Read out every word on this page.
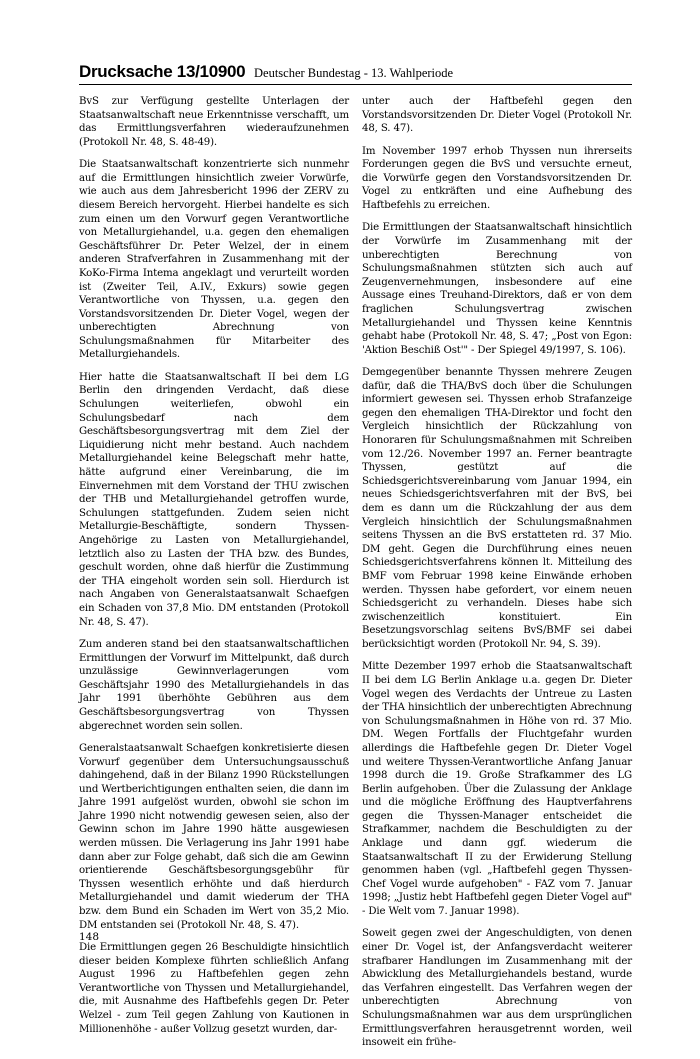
Drucksache 13/10900 Deutscher Bundestag - 13. Wahlperiode

BvS zur Verfügung gestellte Unterlagen der Staatsanwaltschaft neue Erkenntnisse verschafft, um das Ermittlungsverfahren wiederaufzunehmen (Protokoll Nr. 48, S. 48-49).

Die Staatsanwaltschaft konzentrierte sich nunmehr auf die Ermittlungen hinsichtlich zweier Vorwürfe, wie auch aus dem Jahresbericht 1996 der ZERV zu diesem Bereich hervorgeht. Hierbei handelte es sich zum einen um den Vorwurf gegen Verantwortliche von Metallurgiehandel, u.a. gegen den ehemaligen Geschäftsführer Dr. Peter Welzel, der in einem anderen Strafverfahren in Zusammenhang mit der KoKo-Firma Intema angeklagt und verurteilt worden ist (Zweiter Teil, A.IV., Exkurs) sowie gegen Verantwortliche von Thyssen, u.a. gegen den Vorstandsvorsitzenden Dr. Dieter Vogel, wegen der unberechtigten Abrechnung von Schulungsmaßnahmen für Mitarbeiter des Metallurgiehandels.

Hier hatte die Staatsanwaltschaft II bei dem LG Berlin den dringenden Verdacht, daß diese Schulungen weiterliefen, obwohl ein Schulungsbedarf nach dem Geschäftsbesorgungsvertrag mit dem Ziel der Liquidierung nicht mehr bestand. Auch nachdem Metallurgiehandel keine Belegschaft mehr hatte, hätte aufgrund einer Vereinbarung, die im Einvernehmen mit dem Vorstand der THU zwischen der THB und Metallurgiehandel getroffen wurde, Schulungen stattgefunden. Zudem seien nicht Metallurgie-Beschäftigte, sondern Thyssen-Angehörige zu Lasten von Metallurgiehandel, letztlich also zu Lasten der THA bzw. des Bundes, geschult worden, ohne daß hierfür die Zustimmung der THA eingeholt worden sein soll. Hierdurch ist nach Angaben von Generalstaatsanwalt Schaefgen ein Schaden von 37,8 Mio. DM entstanden (Protokoll Nr. 48, S. 47).

Zum anderen stand bei den staatsanwaltschaftlichen Ermittlungen der Vorwurf im Mittelpunkt, daß durch unzulässige Gewinnverlagerungen vom Geschäftsjahr 1990 des Metallurgiehandels in das Jahr 1991 überhöhte Gebühren aus dem Geschäftsbesorgungsvertrag von Thyssen abgerechnet worden sein sollen.

Generalstaatsanwalt Schaefgen konkretisierte diesen Vorwurf gegenüber dem Untersuchungsausschuß dahingehend, daß in der Bilanz 1990 Rückstellungen und Wertberichtigungen enthalten seien, die dann im Jahre 1991 aufgelöst wurden, obwohl sie schon im Jahre 1990 nicht notwendig gewesen seien, also der Gewinn schon im Jahre 1990 hätte ausgewiesen werden müssen. Die Verlagerung ins Jahr 1991 habe dann aber zur Folge gehabt, daß sich die am Gewinn orientierende Geschäftsbesorgungsgebühr für Thyssen wesentlich erhöhte und daß hierdurch Metallurgiehandel und damit wiederum der THA bzw. dem Bund ein Schaden im Wert von 35,2 Mio. DM entstanden sei (Protokoll Nr. 48, S. 47).

Die Ermittlungen gegen 26 Beschuldigte hinsichtlich dieser beiden Komplexe führten schließlich Anfang August 1996 zu Haftbefehlen gegen zehn Verantwortliche von Thyssen und Metallurgiehandel, die, mit Ausnahme des Haftbefehls gegen Dr. Peter Welzel - zum Teil gegen Zahlung von Kautionen in Millionenhöhe - außer Vollzug gesetzt wurden, dar-

unter auch der Haftbefehl gegen den Vorstandsvorsitzenden Dr. Dieter Vogel (Protokoll Nr. 48, S. 47).

Im November 1997 erhob Thyssen nun ihrerseits Forderungen gegen die BvS und versuchte erneut, die Vorwürfe gegen den Vorstandsvorsitzenden Dr. Vogel zu entkräften und eine Aufhebung des Haftbefehls zu erreichen.

Die Ermittlungen der Staatsanwaltschaft hinsichtlich der Vorwürfe im Zusammenhang mit der unberechtigten Berechnung von Schulungsmaßnahmen stützten sich auch auf Zeugenvernehmungen, insbesondere auf eine Aussage eines Treuhand-Direktors, daß er von dem fraglichen Schulungsvertrag zwischen Metallurgiehandel und Thyssen keine Kenntnis gehabt habe (Protokoll Nr. 48, S. 47; „Post von Egon: 'Aktion Beschiß Ost'" - Der Spiegel 49/1997, S. 106).

Demgegenüber benannte Thyssen mehrere Zeugen dafür, daß die THA/BvS doch über die Schulungen informiert gewesen sei. Thyssen erhob Strafanzeige gegen den ehemaligen THA-Direktor und focht den Vergleich hinsichtlich der Rückzahlung von Honoraren für Schulungsmaßnahmen mit Schreiben vom 12./26. November 1997 an. Ferner beantragte Thyssen, gestützt auf die Schiedsgerichtsvereinbarung vom Januar 1994, ein neues Schiedsgerichtsverfahren mit der BvS, bei dem es dann um die Rückzahlung der aus dem Vergleich hinsichtlich der Schulungsmaßnahmen seitens Thyssen an die BvS erstatteten rd. 37 Mio. DM geht. Gegen die Durchführung eines neuen Schiedsgerichtsverfahrens können lt. Mitteilung des BMF vom Februar 1998 keine Einwände erhoben werden. Thyssen habe gefordert, vor einem neuen Schiedsgericht zu verhandeln. Dieses habe sich zwischenzeitlich konstituiert. Ein Besetzungsvorschlag seitens BvS/BMF sei dabei berücksichtigt worden (Protokoll Nr. 94, S. 39).

Mitte Dezember 1997 erhob die Staatsanwaltschaft II bei dem LG Berlin Anklage u.a. gegen Dr. Dieter Vogel wegen des Verdachts der Untreue zu Lasten der THA hinsichtlich der unberechtigten Abrechnung von Schulungsmaßnahmen in Höhe von rd. 37 Mio. DM. Wegen Fortfalls der Fluchtgefahr wurden allerdings die Haftbefehle gegen Dr. Dieter Vogel und weitere Thyssen-Verantwortliche Anfang Januar 1998 durch die 19. Große Strafkammer des LG Berlin aufgehoben. Über die Zulassung der Anklage und die mögliche Eröffnung des Hauptverfahrens gegen die Thyssen-Manager entscheidet die Strafkammer, nachdem die Beschuldigten zu der Anklage und dann ggf. wiederum die Staatsanwaltschaft II zu der Erwiderung Stellung genommen haben (vgl. „Haftbefehl gegen Thyssen-Chef Vogel wurde aufgehoben" - FAZ vom 7. Januar 1998; „Justiz hebt Haftbefehl gegen Dieter Vogel auf" - Die Welt vom 7. Januar 1998).

Soweit gegen zwei der Angeschuldigten, von denen einer Dr. Vogel ist, der Anfangsverdacht weiterer strafbarer Handlungen im Zusammenhang mit der Abwicklung des Metallurgiehandels bestand, wurde das Verfahren eingestellt. Das Verfahren wegen der unberechtigten Abrechnung von Schulungsmaßnahmen war aus dem ursprünglichen Ermittlungsverfahren herausgetrennt worden, weil insoweit ein frühe-

148
